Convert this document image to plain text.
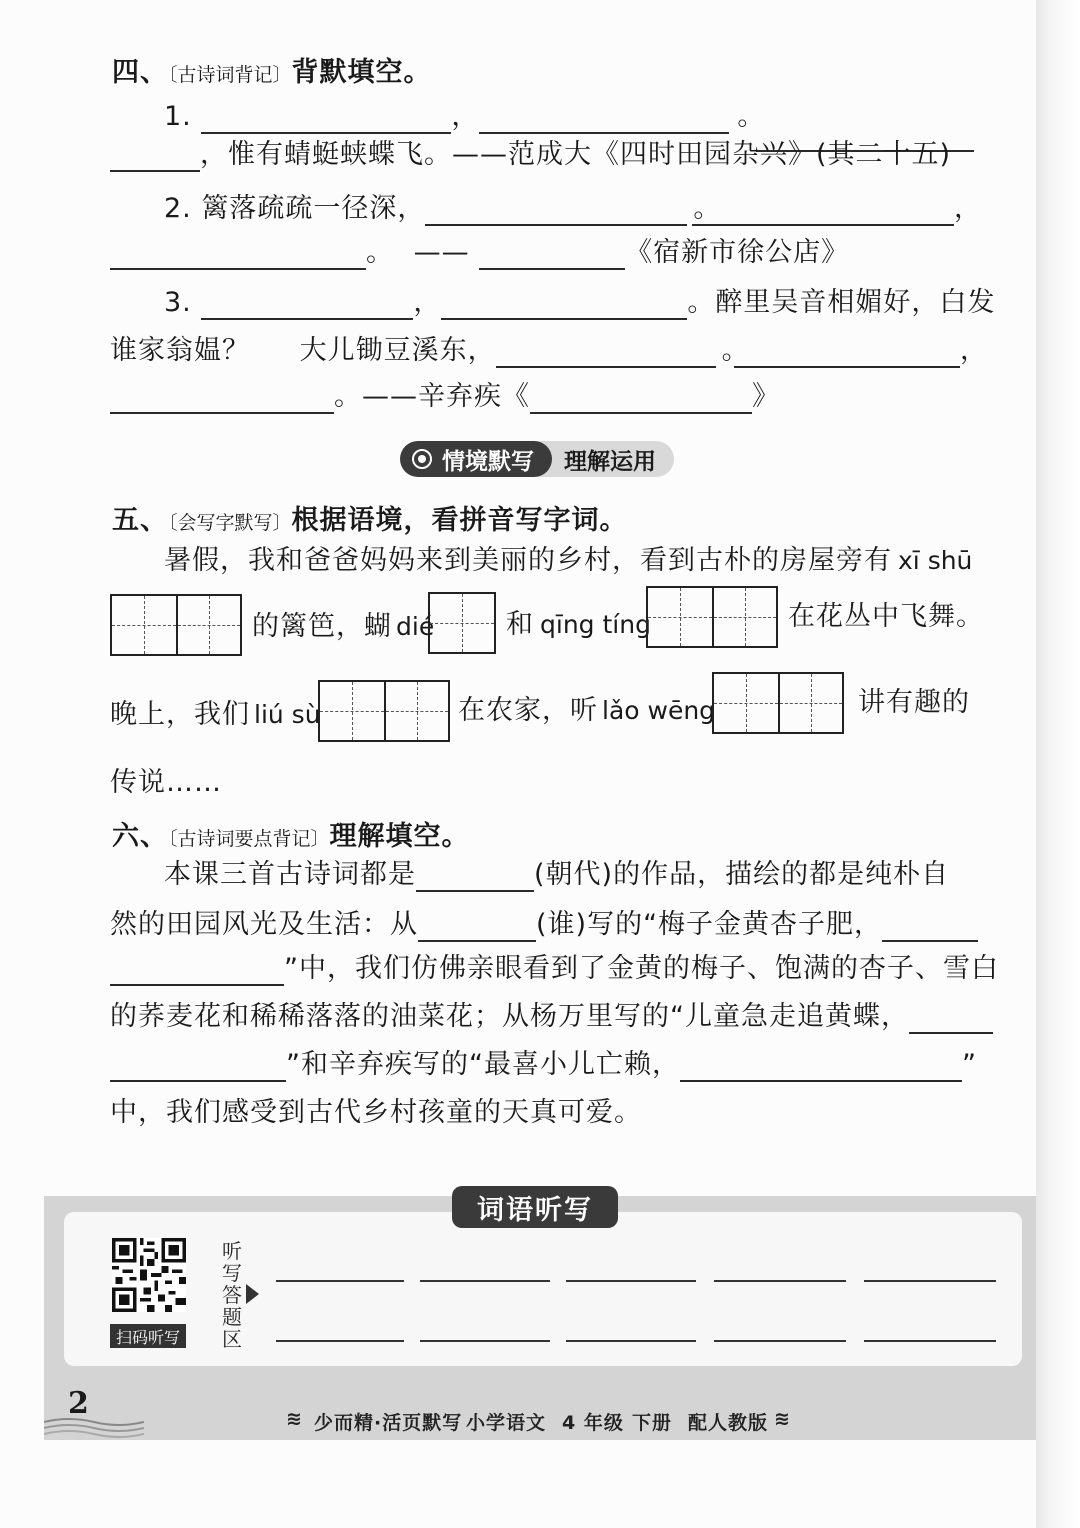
四、〔古诗词背记〕背默填空。
1.	，	。
，惟有蜻蜓蛱蝶飞。——范成大《四时田园杂兴》(其二十五)
2. 篱落疏疏一径深，	。	，
。 ——	《宿新市徐公店》
3.	，	。醉里吴音相媚好，白发
谁家翁媪？ 大儿锄豆溪东，	。	，
。——辛弃疾《	》
情境默写 理解运用
五、〔会写字默写〕根据语境，看拼音写字词。
暑假，我和爸爸妈妈来到美丽的乡村，看到古朴的房屋旁有 xī shū
的篱笆，蝴 dié	和 qīng tíng	在花丛中飞舞。
晚上，我们 liú sù	在农家，听 lǎo wēng	讲有趣的
传说……
六、〔古诗词要点背记〕理解填空。
本课三首古诗词都是	(朝代)的作品，描绘的都是纯朴自
然的田园风光及生活：从	(谁)写的“梅子金黄杏子肥，
”中，我们仿佛亲眼看到了金黄的梅子、饱满的杏子、雪白
的荞麦花和稀稀落落的油菜花；从杨万里写的“儿童急走追黄蝶，
”和辛弃疾写的“最喜小儿亡赖，	”
中，我们感受到古代乡村孩童的天真可爱。
词语听写
扫码听写
听写答题区
2	≋ 少而精·活页默写 小学语文 4 年级 下册 配人教版 ≋
